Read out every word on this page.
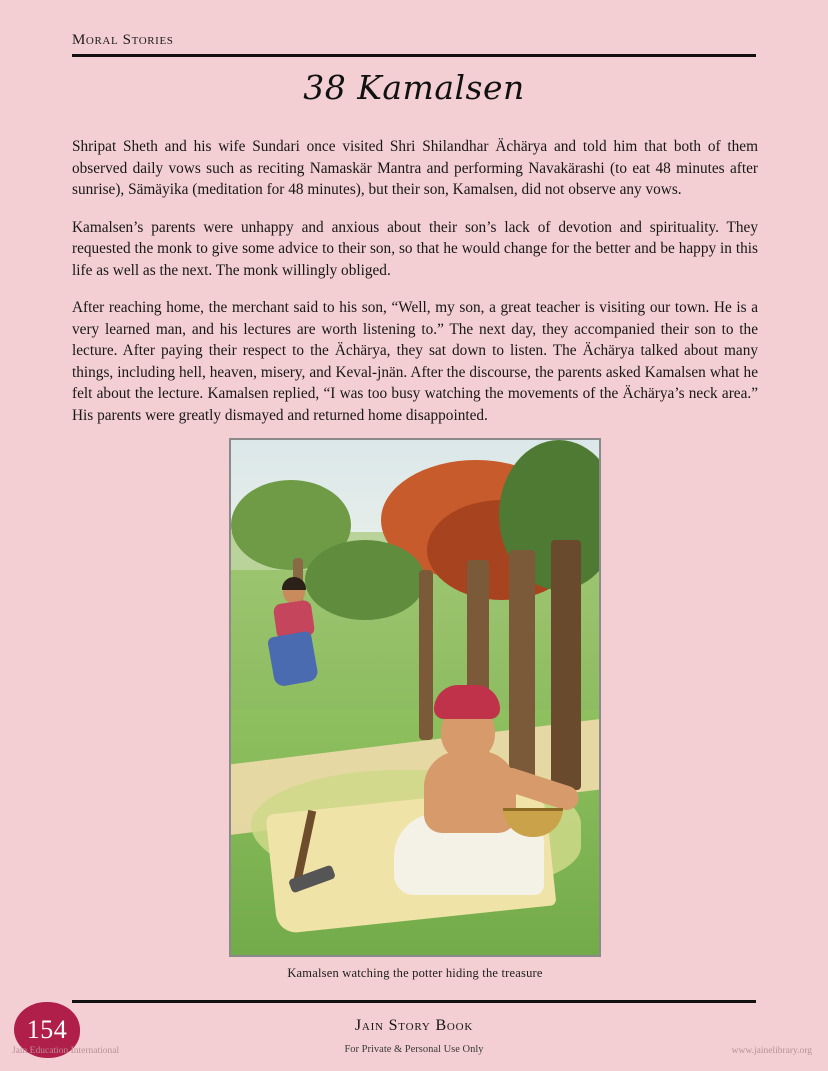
Moral Stories
38 Kamalsen

Shripat Sheth and his wife Sundari once visited Shri Shilandhar Ächärya and told him that both of them observed daily vows such as reciting Namaskär Mantra and performing Navakärashi (to eat 48 minutes after sunrise), Sämäyika (meditation for 48 minutes), but their son, Kamalsen, did not observe any vows.

Kamalsen’s parents were unhappy and anxious about their son’s lack of devotion and spirituality. They requested the monk to give some advice to their son, so that he would change for the better and be happy in this life as well as the next. The monk willingly obliged.

After reaching home, the merchant said to his son, “Well, my son, a great teacher is visiting our town. He is a very learned man, and his lectures are worth listening to.” The next day, they accompanied their son to the lecture. After paying their respect to the Ächärya, they sat down to listen. The Ächärya talked about many things, including hell, heaven, misery, and Keval-jnän. After the discourse, the parents asked Kamalsen what he felt about the lecture. Kamalsen replied, “I was too busy watching the movements of the Ächärya’s neck area.” His parents were greatly dismayed and returned home disappointed.

Kamalsen watching the potter hiding the treasure
154	Jain Story Book
For Private & Personal Use Only
Jain Education International	www.jainelibrary.org
